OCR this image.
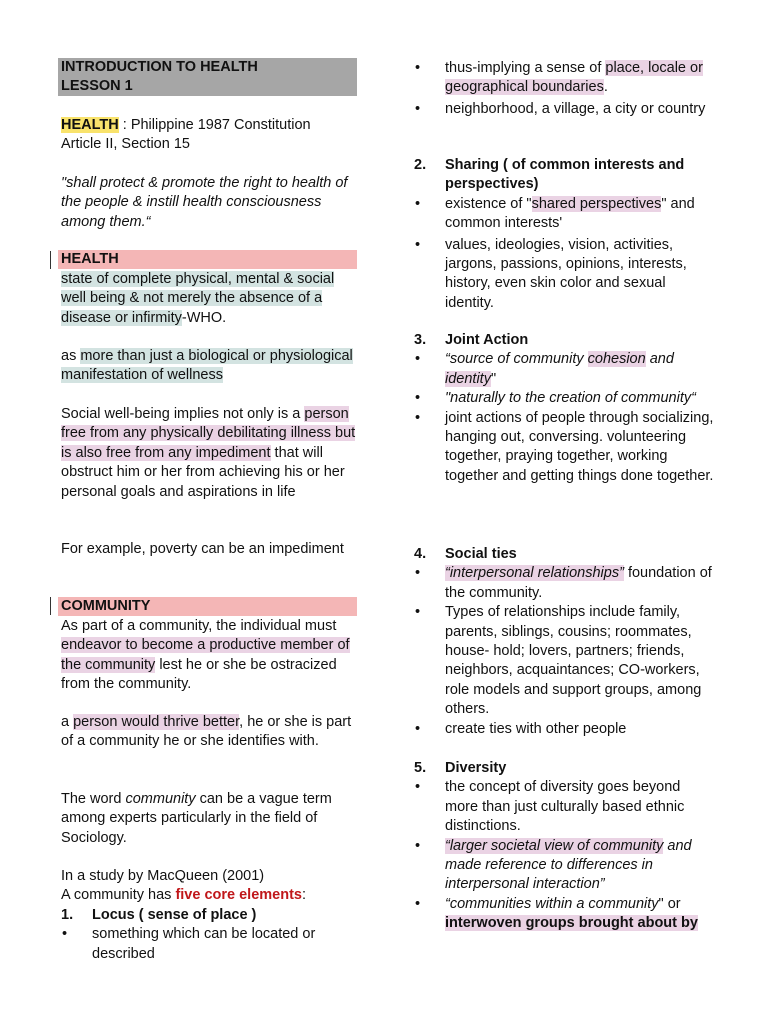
INTRODUCTION TO HEALTH
LESSON 1
HEALTH : Philippine 1987 Constitution
Article II, Section 15
"shall protect & promote the right to health of the people & instill health consciousness among them.“
HEALTH
state of complete physical, mental & social well being & not merely the absence of a disease or infirmity-WHO.
as more than just a biological or physiological manifestation of wellness
Social well-being implies not only is a person free from any physically debilitating illness but is also free from any impediment that will obstruct him or her from achieving his or her personal goals and aspirations in life
For example, poverty can be an impediment
COMMUNITY
As part of a community, the individual must endeavor to become a productive member of the community lest he or she be ostracized from the community.
a person would thrive better, he or she is part of a community he or she identifies with.
The word community can be a vague term among experts particularly in the field of Sociology.
In a study by MacQueen (2001)
A community has five core elements:
1. Locus ( sense of place )
• something which can be located or described
• thus-implying a sense of place, locale or geographical boundaries.
• neighborhood, a village, a city or country
2. Sharing ( of common interests and perspectives)
• existence of "shared perspectives" and common interests'
• values, ideologies, vision, activities, jargons, passions, opinions, interests, history, even skin color and sexual identity.
3. Joint Action
• “source of community cohesion and identity"
• "naturally to the creation of community“
• joint actions of people through socializing, hanging out, conversing. volunteering together, praying together, working together and getting things done together.
4. Social ties
• “interpersonal relationships” foundation of the community.
• Types of relationships include family, parents, siblings, cousins; roommates, house- hold; lovers, partners; friends, neighbors, acquaintances; CO-workers, role models and support groups, among others.
• create ties with other people
5. Diversity
• the concept of diversity goes beyond more than just culturally based ethnic distinctions.
• “larger societal view of community and made reference to differences in interpersonal interaction”
• “communities within a community" or interwoven groups brought about by
